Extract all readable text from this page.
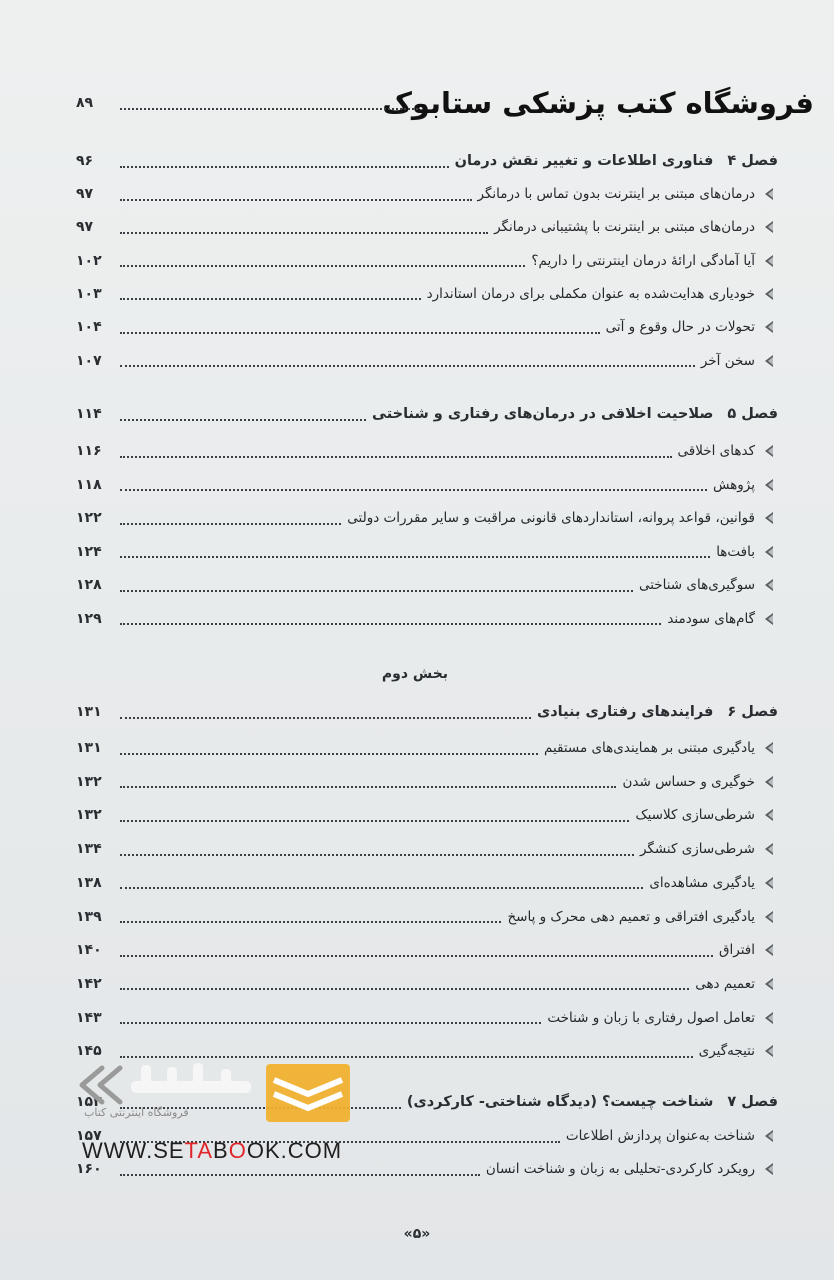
فروشگاه کتب پزشکی ستابوک
۸۹
فصل ۴
فناوری اطلاعات و تغییر نقش درمان
۹۶
درمان‌های مبتنی بر اینترنت بدون تماس با درمانگر
۹۷
درمان‌های مبتنی بر اینترنت با پشتیبانی درمانگر
۹۷
آیا آمادگی ارائهٔ درمان اینترنتی را داریم؟
۱۰۲
خودیاری هدایت‌شده به عنوان مکملی برای درمان استاندارد
۱۰۳
تحولات در حال وقوع و آتی
۱۰۴
سخن آخر
۱۰۷
فصل ۵
صلاحیت اخلاقی در درمان‌های رفتاری و شناختی
۱۱۴
کدهای اخلاقی
۱۱۶
پژوهش
۱۱۸
قوانین، قواعد پروانه، استانداردهای قانونی مراقبت و سایر مقررات دولتی
۱۲۲
بافت‌ها
۱۲۴
سوگیری‌های شناختی
۱۲۸
گام‌های سودمند
۱۲۹
بخش دوم
فصل ۶
فرایندهای رفتاری بنیادی
۱۳۱
یادگیری مبتنی بر همایندی‌های مستقیم
۱۳۱
خوگیری و حساس شدن
۱۳۲
شرطی‌سازی کلاسیک
۱۳۲
شرطی‌سازی کنشگر
۱۳۴
یادگیری مشاهده‌ای
۱۳۸
یادگیری افتراقی و تعمیم دهی محرک و پاسخ
۱۳۹
افتراق
۱۴۰
تعمیم دهی
۱۴۲
تعامل اصول رفتاری با زبان و شناخت
۱۴۳
نتیجه‌گیری
۱۴۵
فصل ۷
شناخت چیست؟ (دیدگاه شناختی- کارکردی)
۱۵۳
شناخت به‌عنوان پردازش اطلاعات
۱۵۷
رویکرد کارکردی-تحلیلی به زبان و شناخت انسان
۱۶۰
«۵»
فروشگاه اینترنتی کتاب
WWW.SETABOOK.COM
